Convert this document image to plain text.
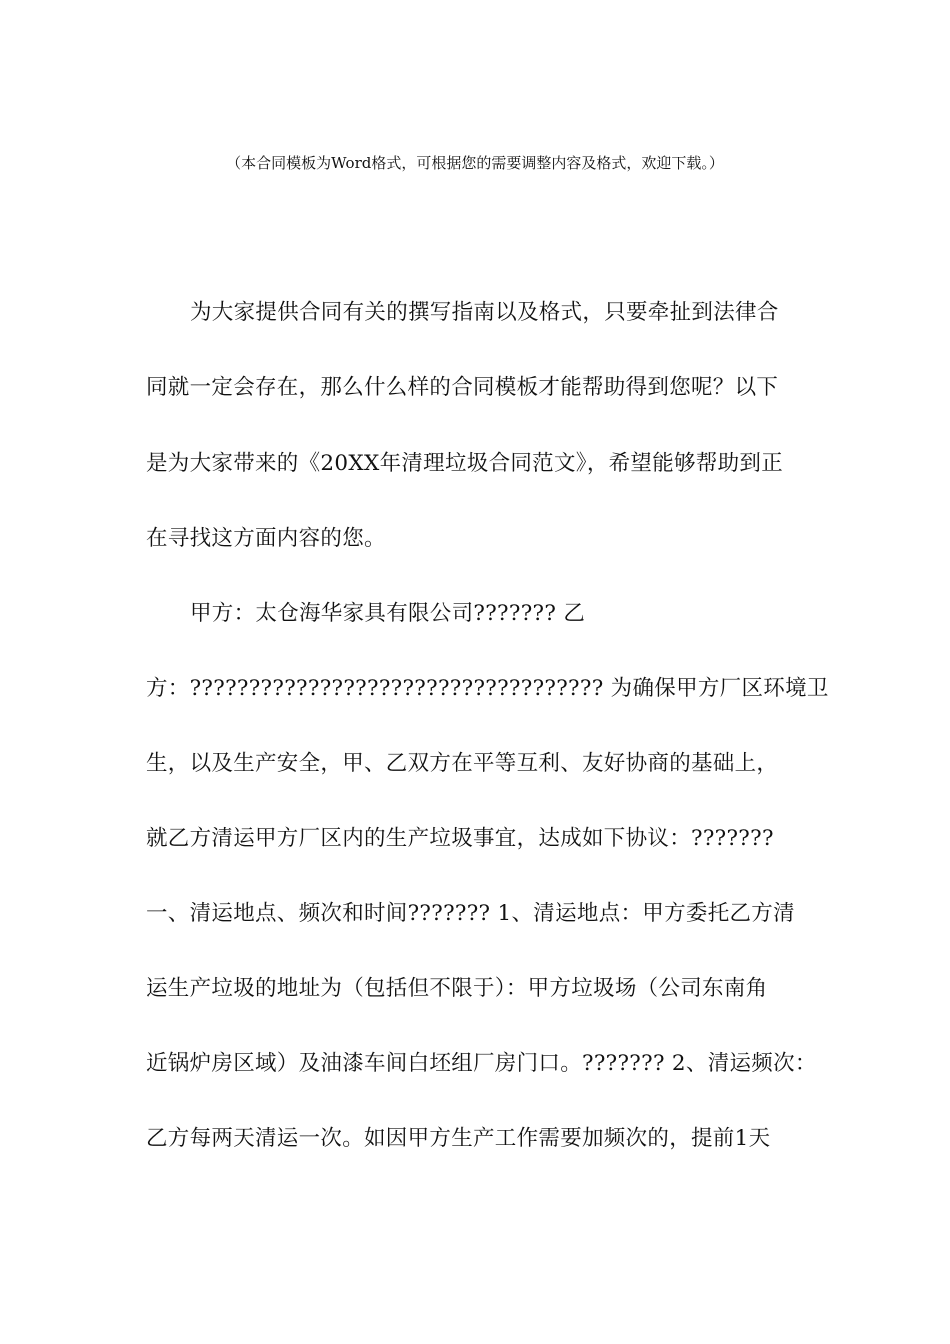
（本合同模板为Word格式，可根据您的需要调整内容及格式，欢迎下载。）
为大家提供合同有关的撰写指南以及格式，只要牵扯到法律合
同就一定会存在，那么什么样的合同模板才能帮助得到您呢？以下
是为大家带来的《20XX年清理垃圾合同范文》，希望能够帮助到正
在寻找这方面内容的您。
甲方：太仓海华家具有限公司??????? 乙
方：??????????????????????????????????? 为确保甲方厂区环境卫
生，以及生产安全，甲、乙双方在平等互利、友好协商的基础上，
就乙方清运甲方厂区内的生产垃圾事宜，达成如下协议：???????
一、清运地点、频次和时间??????? 1、清运地点：甲方委托乙方清
运生产垃圾的地址为（包括但不限于）：甲方垃圾场（公司东南角
近锅炉房区域）及油漆车间白坯组厂房门口。??????? 2、清运频次：
乙方每两天清运一次。如因甲方生产工作需要加频次的，提前1天
